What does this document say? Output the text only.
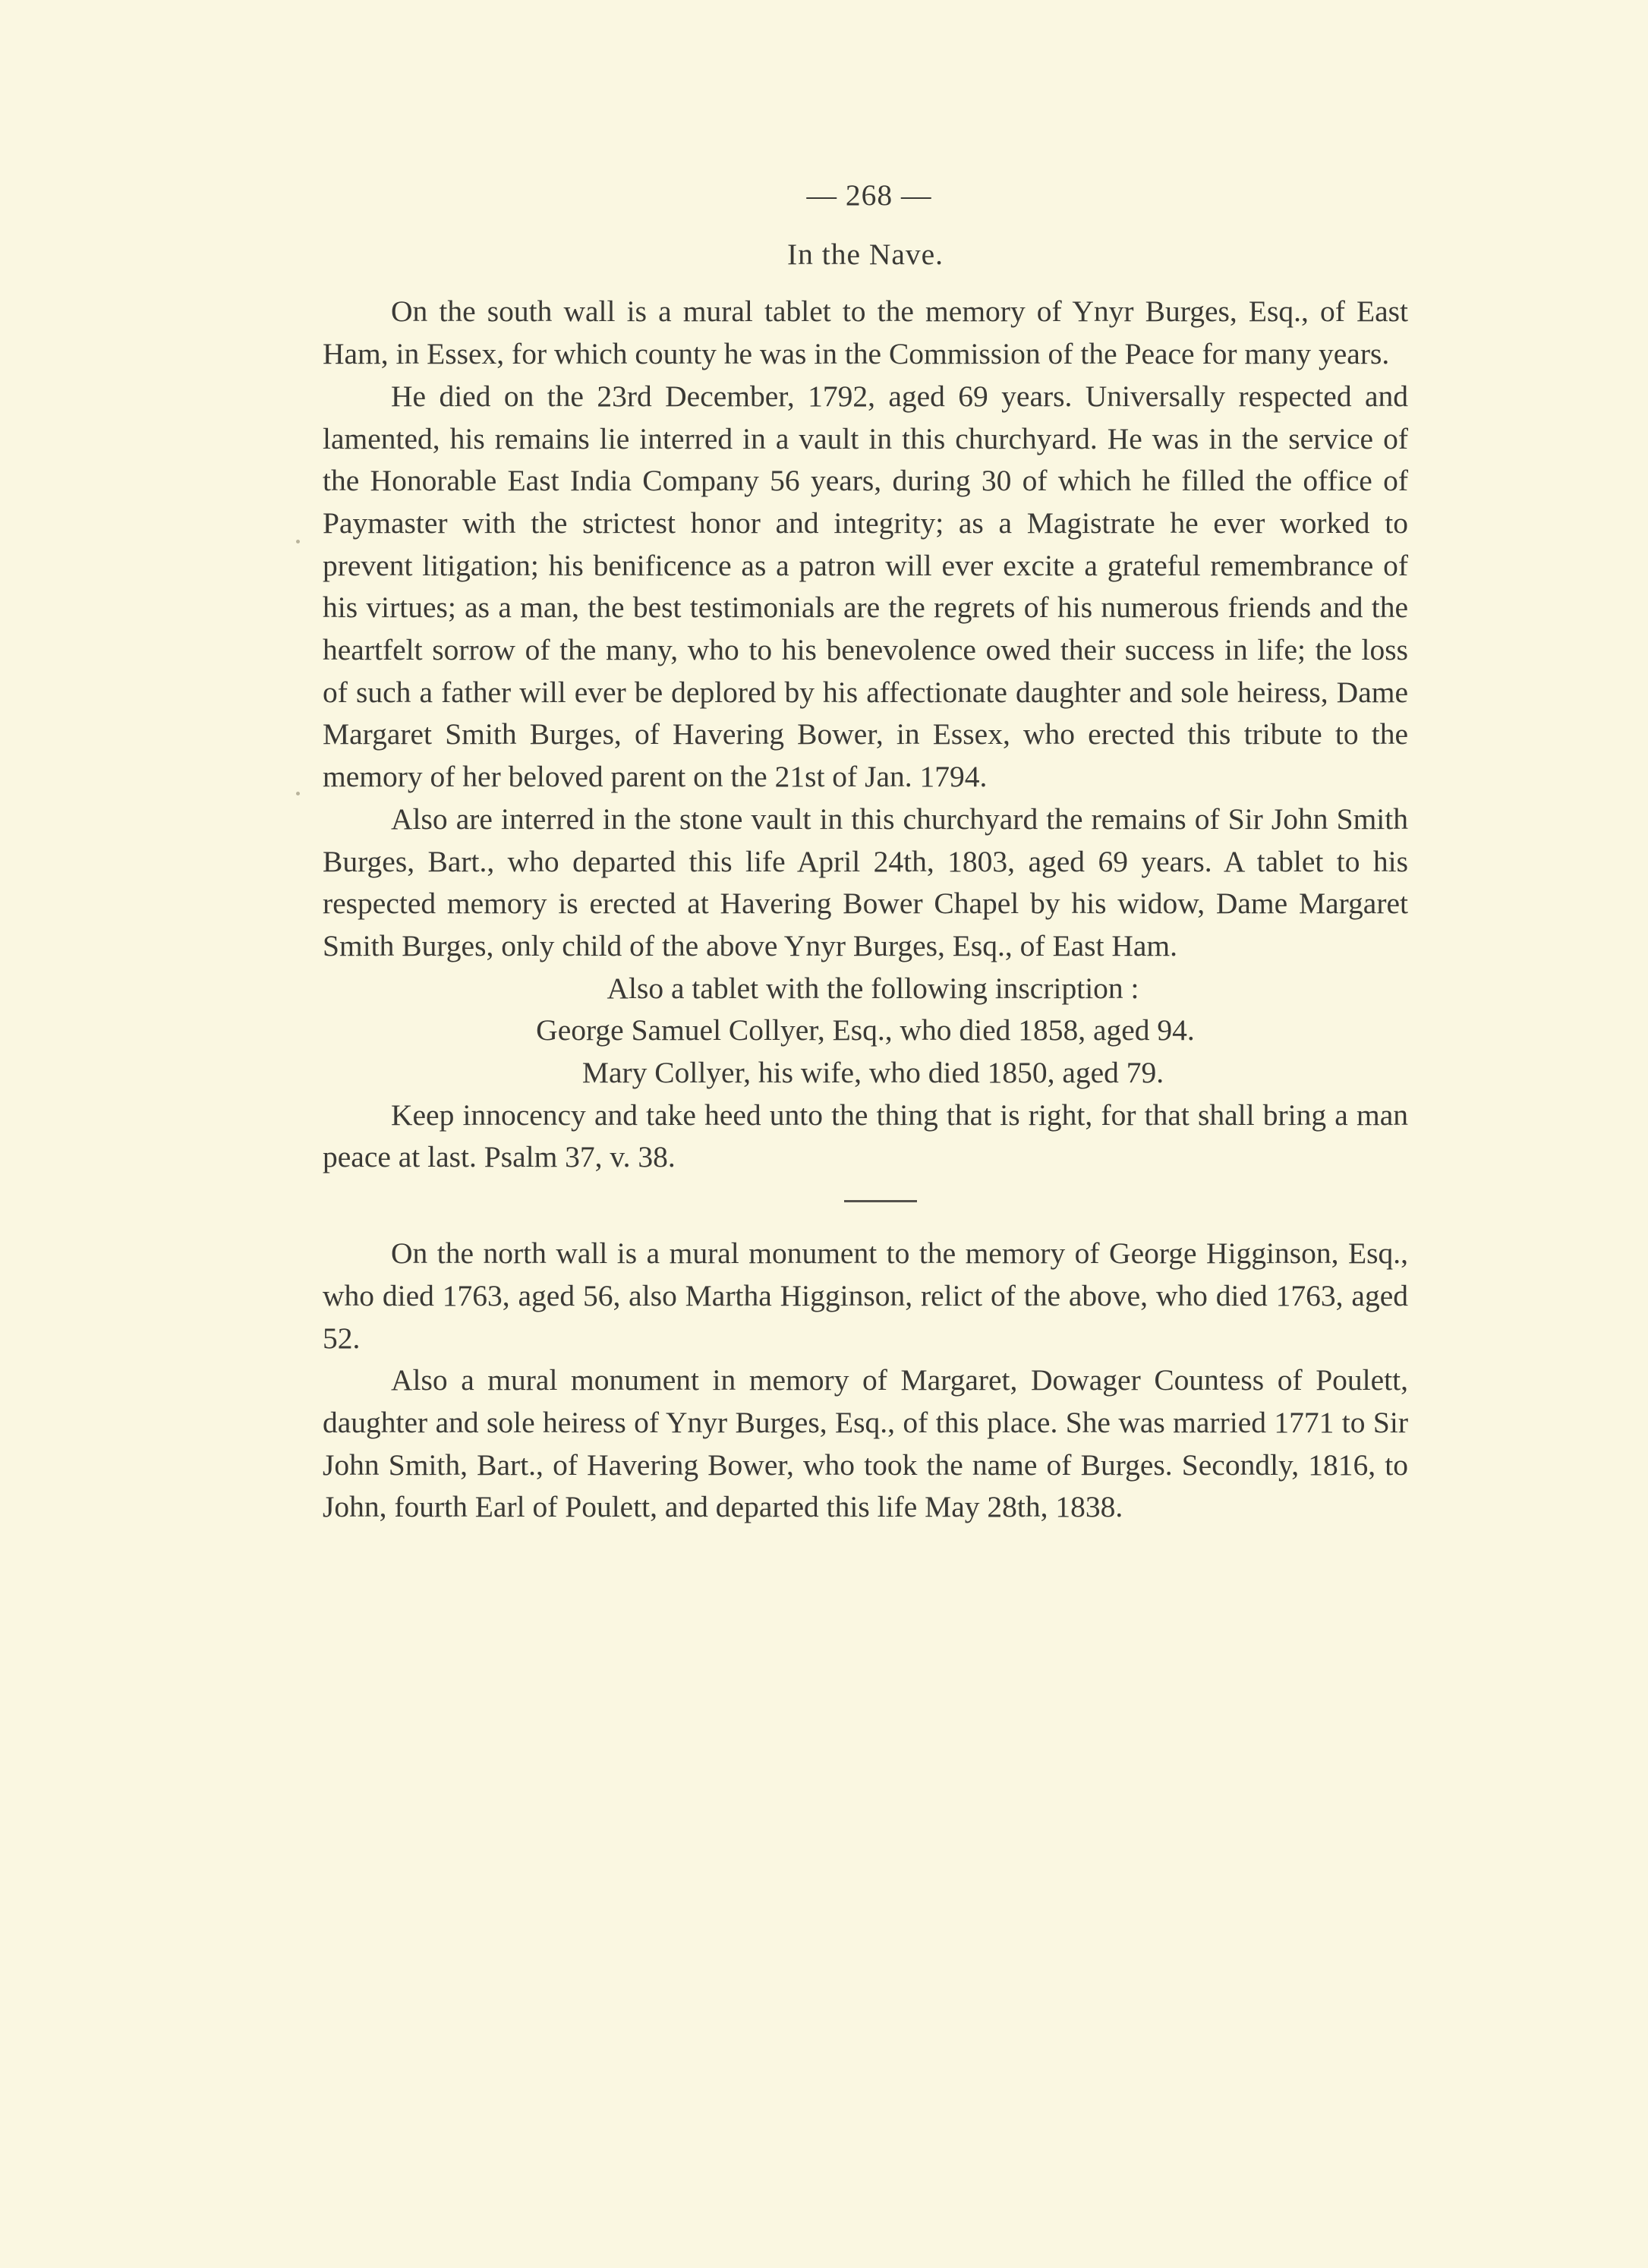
— 268 —
In the Nave.

On the south wall is a mural tablet to the memory of Ynyr Burges, Esq., of East Ham, in Essex, for which county he was in the Commission of the Peace for many years.

He died on the 23rd December, 1792, aged 69 years. Universally respected and lamented, his remains lie interred in a vault in this churchyard. He was in the service of the Honorable East India Company 56 years, during 30 of which he filled the office of Paymaster with the strictest honor and integrity; as a Magistrate he ever worked to prevent litigation; his benificence as a patron will ever excite a grateful remembrance of his virtues; as a man, the best testimonials are the regrets of his numerous friends and the heartfelt sorrow of the many, who to his benevolence owed their success in life; the loss of such a father will ever be deplored by his affectionate daughter and sole heiress, Dame Margaret Smith Burges, of Havering Bower, in Essex, who erected this tribute to the memory of her beloved parent on the 21st of Jan. 1794.

Also are interred in the stone vault in this churchyard the remains of Sir John Smith Burges, Bart., who departed this life April 24th, 1803, aged 69 years. A tablet to his respected memory is erected at Havering Bower Chapel by his widow, Dame Margaret Smith Burges, only child of the above Ynyr Burges, Esq., of East Ham.

Also a tablet with the following inscription :
George Samuel Collyer, Esq., who died 1858, aged 94.
Mary Collyer, his wife, who died 1850, aged 79.

Keep innocency and take heed unto the thing that is right, for that shall bring a man peace at last. Psalm 37, v. 38.

On the north wall is a mural monument to the memory of George Higginson, Esq., who died 1763, aged 56, also Martha Higginson, relict of the above, who died 1763, aged 52.

Also a mural monument in memory of Margaret, Dowager Countess of Poulett, daughter and sole heiress of Ynyr Burges, Esq., of this place. She was married 1771 to Sir John Smith, Bart., of Havering Bower, who took the name of Burges. Secondly, 1816, to John, fourth Earl of Poulett, and departed this life May 28th, 1838.
